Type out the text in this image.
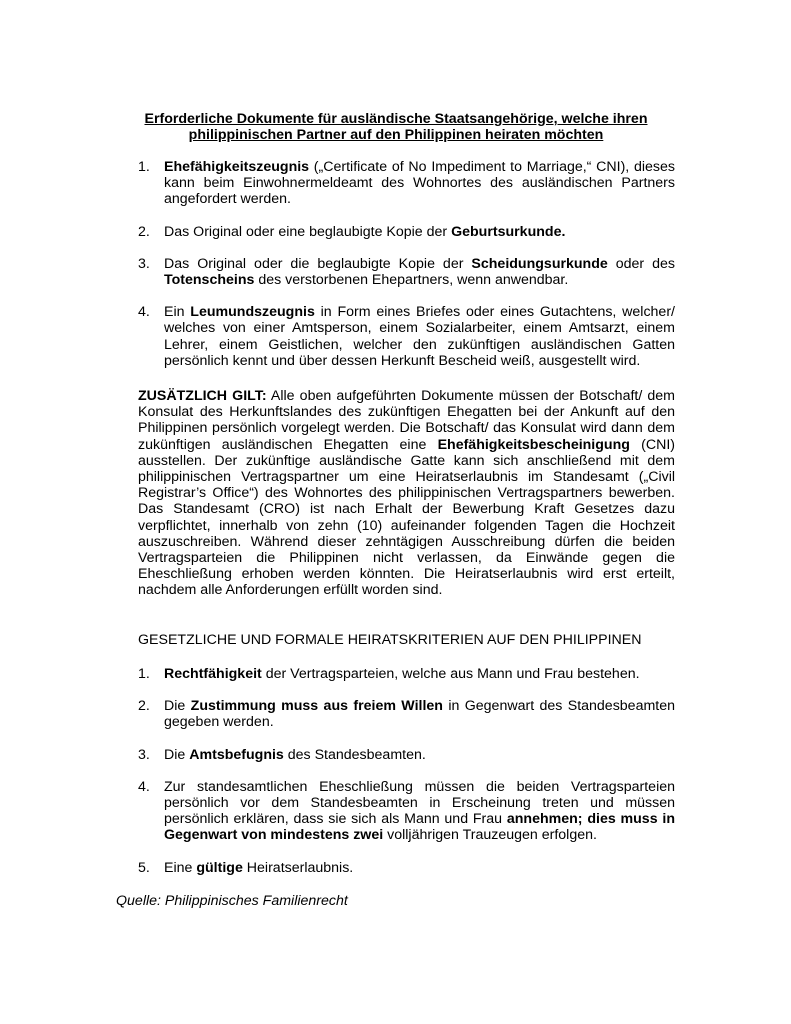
Erforderliche Dokumente für ausländische Staatsangehörige, welche ihren
philippinischen Partner auf den Philippinen heiraten möchten
1. Ehefähigkeitszeugnis („Certificate of No Impediment to Marriage,“ CNI), dieses kann beim Einwohnermeldeamt des Wohnortes des ausländischen Partners angefordert werden.
2. Das Original oder eine beglaubigte Kopie der Geburtsurkunde.
3. Das Original oder die beglaubigte Kopie der Scheidungsurkunde oder des Totenscheins des verstorbenen Ehepartners, wenn anwendbar.
4. Ein Leumundszeugnis in Form eines Briefes oder eines Gutachtens, welcher/ welches von einer Amtsperson, einem Sozialarbeiter, einem Amtsarzt, einem Lehrer, einem Geistlichen, welcher den zukünftigen ausländischen Gatten persönlich kennt und über dessen Herkunft Bescheid weiß, ausgestellt wird.
ZUSÄTZLICH GILT: Alle oben aufgeführten Dokumente müssen der Botschaft/ dem Konsulat des Herkunftslandes des zukünftigen Ehegatten bei der Ankunft auf den Philippinen persönlich vorgelegt werden. Die Botschaft/ das Konsulat wird dann dem zukünftigen ausländischen Ehegatten eine Ehefähigkeitsbescheinigung (CNI) ausstellen. Der zukünftige ausländische Gatte kann sich anschließend mit dem philippinischen Vertragspartner um eine Heiratserlaubnis im Standesamt („Civil Registrar’s Office“) des Wohnortes des philippinischen Vertragspartners bewerben. Das Standesamt (CRO) ist nach Erhalt der Bewerbung Kraft Gesetzes dazu verpflichtet, innerhalb von zehn (10) aufeinander folgenden Tagen die Hochzeit auszuschreiben. Während dieser zehntägigen Ausschreibung dürfen die beiden Vertragsparteien die Philippinen nicht verlassen, da Einwände gegen die Eheschließung erhoben werden könnten. Die Heiratserlaubnis wird erst erteilt, nachdem alle Anforderungen erfüllt worden sind.
GESETZLICHE UND FORMALE HEIRATSKRITERIEN AUF DEN PHILIPPINEN
1. Rechtfähigkeit der Vertragsparteien, welche aus Mann und Frau bestehen.
2. Die Zustimmung muss aus freiem Willen in Gegenwart des Standesbeamten gegeben werden.
3. Die Amtsbefugnis des Standesbeamten.
4. Zur standesamtlichen Eheschließung müssen die beiden Vertragsparteien persönlich vor dem Standesbeamten in Erscheinung treten und müssen persönlich erklären, dass sie sich als Mann und Frau annehmen; dies muss in Gegenwart von mindestens zwei volljährigen Trauzeugen erfolgen.
5. Eine gültige Heiratserlaubnis.
Quelle: Philippinisches Familienrecht
